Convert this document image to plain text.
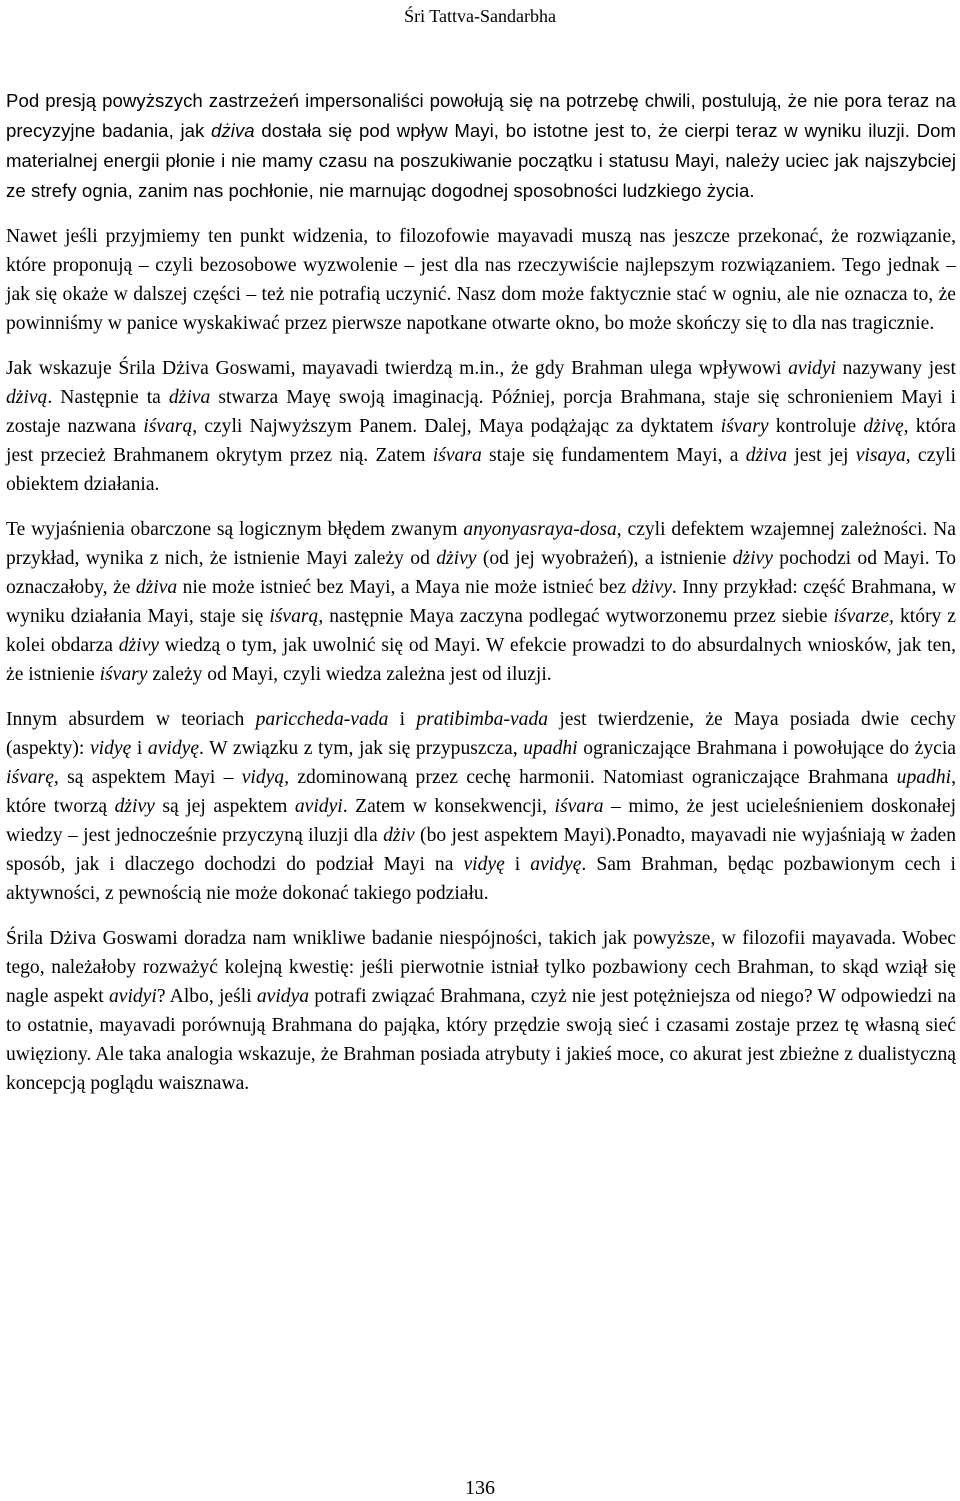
Śri Tattva-Sandarbha

Pod presją powyższych zastrzeżeń impersonaliści powołują się na potrzebę chwili, postulują, że nie pora teraz na precyzyjne badania, jak dżiva dostała się pod wpływ Mayi, bo istotne jest to, że cierpi teraz w wyniku iluzji. Dom materialnej energii płonie i nie mamy czasu na poszukiwanie początku i statusu Mayi, należy uciec jak najszybciej ze strefy ognia, zanim nas pochłonie, nie marnując dogodnej sposobności ludzkiego życia.

Nawet jeśli przyjmiemy ten punkt widzenia, to filozofowie mayavadi muszą nas jeszcze przekonać, że rozwiązanie, które proponują – czyli bezosobowe wyzwolenie – jest dla nas rzeczywiście najlepszym rozwiązaniem. Tego jednak – jak się okaże w dalszej części – też nie potrafią uczynić. Nasz dom może faktycznie stać w ogniu, ale nie oznacza to, że powinniśmy w panice wyskakiwać przez pierwsze napotkane otwarte okno, bo może skończy się to dla nas tragicznie.

Jak wskazuje Śrila Dżiva Goswami, mayavadi twierdzą m.in., że gdy Brahman ulega wpływowi avidyi nazywany jest dżivą. Następnie ta dżiva stwarza Mayę swoją imaginacją. Później, porcja Brahmana, staje się schronieniem Mayi i zostaje nazwana iśvarą, czyli Najwyższym Panem. Dalej, Maya podążając za dyktatem iśvary kontroluje dżivę, która jest przecież Brahmanem okrytym przez nią. Zatem iśvara staje się fundamentem Mayi, a dżiva jest jej visaya, czyli obiektem działania.

Te wyjaśnienia obarczone są logicznym błędem zwanym anyonyasraya-dosa, czyli defektem wzajemnej zależności. Na przykład, wynika z nich, że istnienie Mayi zależy od dżivy (od jej wyobrażeń), a istnienie dżivy pochodzi od Mayi. To oznaczałoby, że dżiva nie może istnieć bez Mayi, a Maya nie może istnieć bez dżivy. Inny przykład: część Brahmana, w wyniku działania Mayi, staje się iśvarą, następnie Maya zaczyna podlegać wytworzonemu przez siebie iśvarze, który z kolei obdarza dżivy wiedzą o tym, jak uwolnić się od Mayi. W efekcie prowadzi to do absurdalnych wniosków, jak ten, że istnienie iśvary zależy od Mayi, czyli wiedza zależna jest od iluzji.

Innym absurdem w teoriach pariccheda-vada i pratibimba-vada jest twierdzenie, że Maya posiada dwie cechy (aspekty): vidyę i avidyę. W związku z tym, jak się przypuszcza, upadhi ograniczające Brahmana i powołujące do życia iśvarę, są aspektem Mayi – vidyą, zdominowaną przez cechę harmonii. Natomiast ograniczające Brahmana upadhi, które tworzą dżivy są jej aspektem avidyi. Zatem w konsekwencji, iśvara – mimo, że jest ucieleśnieniem doskonałej wiedzy – jest jednocześnie przyczyną iluzji dla dżiv (bo jest aspektem Mayi).Ponadto, mayavadi nie wyjaśniają w żaden sposób, jak i dlaczego dochodzi do podział Mayi na vidyę i avidyę. Sam Brahman, będąc pozbawionym cech i aktywności, z pewnością nie może dokonać takiego podziału.

Śrila Dżiva Goswami doradza nam wnikliwe badanie niespójności, takich jak powyższe, w filozofii mayavada. Wobec tego, należałoby rozważyć kolejną kwestię: jeśli pierwotnie istniał tylko pozbawiony cech Brahman, to skąd wziął się nagle aspekt avidyi? Albo, jeśli avidya potrafi związać Brahmana, czyż nie jest potężniejsza od niego? W odpowiedzi na to ostatnie, mayavadi porównują Brahmana do pająka, który przędzie swoją sieć i czasami zostaje przez tę własną sieć uwięziony. Ale taka analogia wskazuje, że Brahman posiada atrybuty i jakieś moce, co akurat jest zbieżne z dualistyczną koncepcją poglądu waisznawa.

136
